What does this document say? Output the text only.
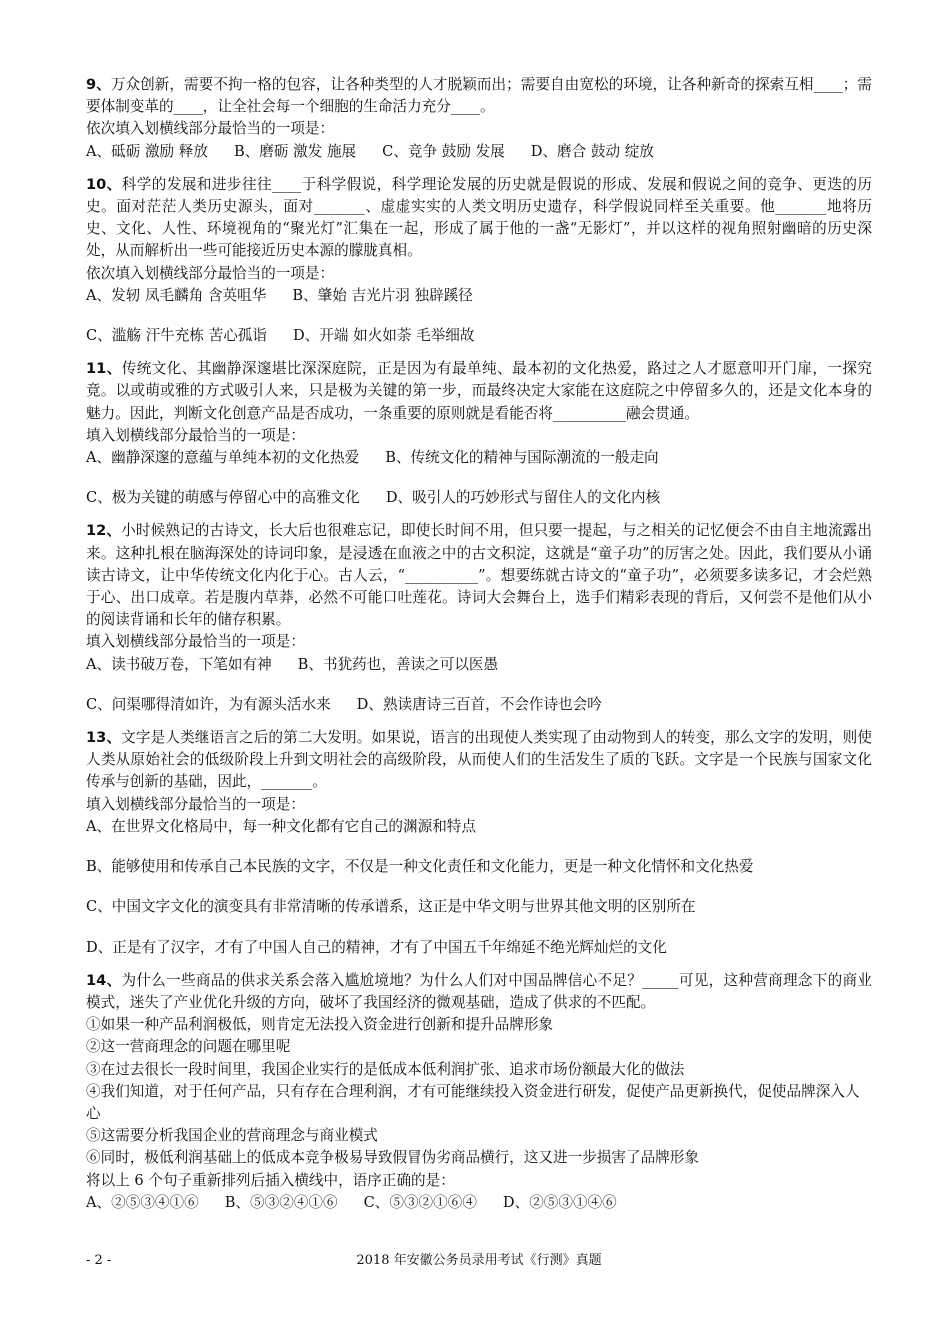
9、万众创新，需要不拘一格的包容，让各种类型的人才脱颖而出；需要自由宽松的环境，让各种新奇的探索互相____；需要体制变革的____，让全社会每一个细胞的生命活力充分____。

依次填入划横线部分最恰当的一项是：

A、砥砺 激励 释放 B、磨砺 激发 施展 C、竞争 鼓励 发展 D、磨合 鼓动 绽放

10、科学的发展和进步往往____于科学假说，科学理论发展的历史就是假说的形成、发展和假说之间的竞争、更迭的历史。面对茫茫人类历史源头，面对_______、虚虚实实的人类文明历史遗存，科学假说同样至关重要。他_______地将历史、文化、人性、环境视角的“聚光灯”汇集在一起，形成了属于他的一盏“无影灯”，并以这样的视角照射幽暗的历史深处，从而解析出一些可能接近历史本源的朦胧真相。

依次填入划横线部分最恰当的一项是：

A、发轫 凤毛麟角 含英咀华 B、肇始 吉光片羽 独辟蹊径

C、滥觞 汗牛充栋 苦心孤诣 D、开端 如火如荼 毛举细故

11、传统文化、其幽静深邃堪比深深庭院，正是因为有最单纯、最本初的文化热爱，路过之人才愿意叩开门扉，一探究竟。以或萌或雅的方式吸引人来，只是极为关键的第一步，而最终决定大家能在这庭院之中停留多久的，还是文化本身的魅力。因此，判断文化创意产品是否成功，一条重要的原则就是看能否将__________融会贯通。

填入划横线部分最恰当的一项是：

A、幽静深邃的意蕴与单纯本初的文化热爱 B、传统文化的精神与国际潮流的一般走向

C、极为关键的萌感与停留心中的高雅文化 D、吸引人的巧妙形式与留住人的文化内核

12、小时候熟记的古诗文，长大后也很难忘记，即使长时间不用，但只要一提起，与之相关的记忆便会不由自主地流露出来。这种扎根在脑海深处的诗词印象，是浸透在血液之中的古文积淀，这就是“童子功”的厉害之处。因此，我们要从小诵读古诗文，让中华传统文化内化于心。古人云，“__________”。想要练就古诗文的“童子功”，必须要多读多记，才会烂熟于心、出口成章。若是腹内草莽，必然不可能口吐莲花。诗词大会舞台上，选手们精彩表现的背后，又何尝不是他们从小的阅读背诵和长年的储存积累。

填入划横线部分最恰当的一项是：

A、读书破万卷，下笔如有神 B、书犹药也，善读之可以医愚

C、问渠哪得清如许，为有源头活水来 D、熟读唐诗三百首，不会作诗也会吟

13、文字是人类继语言之后的第二大发明。如果说，语言的出现使人类实现了由动物到人的转变，那么文字的发明，则使人类从原始社会的低级阶段上升到文明社会的高级阶段，从而使人们的生活发生了质的飞跃。文字是一个民族与国家文化传承与创新的基础，因此，_______。

填入划横线部分最恰当的一项是：

A、在世界文化格局中，每一种文化都有它自己的渊源和特点

B、能够使用和传承自己本民族的文字，不仅是一种文化责任和文化能力，更是一种文化情怀和文化热爱

C、中国文字文化的演变具有非常清晰的传承谱系，这正是中华文明与世界其他文明的区别所在

D、正是有了汉字，才有了中国人自己的精神，才有了中国五千年绵延不绝光辉灿烂的文化

14、为什么一些商品的供求关系会落入尴尬境地？为什么人们对中国品牌信心不足？_____可见，这种营商理念下的商业模式，迷失了产业优化升级的方向，破坏了我国经济的微观基础，造成了供求的不匹配。

①如果一种产品利润极低，则肯定无法投入资金进行创新和提升品牌形象

②这一营商理念的问题在哪里呢

③在过去很长一段时间里，我国企业实行的是低成本低利润扩张、追求市场份额最大化的做法

④我们知道，对于任何产品，只有存在合理利润，才有可能继续投入资金进行研发，促使产品更新换代，促使品牌深入人心

⑤这需要分析我国企业的营商理念与商业模式

⑥同时，极低利润基础上的低成本竞争极易导致假冒伪劣商品横行，这又进一步损害了品牌形象

将以上 6 个句子重新排列后插入横线中，语序正确的是：

A、②⑤③④①⑥ B、⑤③②④①⑥ C、⑤③②①⑥④ D、②⑤③①④⑥

- 2 -	2018 年安徽公务员录用考试《行测》真题
